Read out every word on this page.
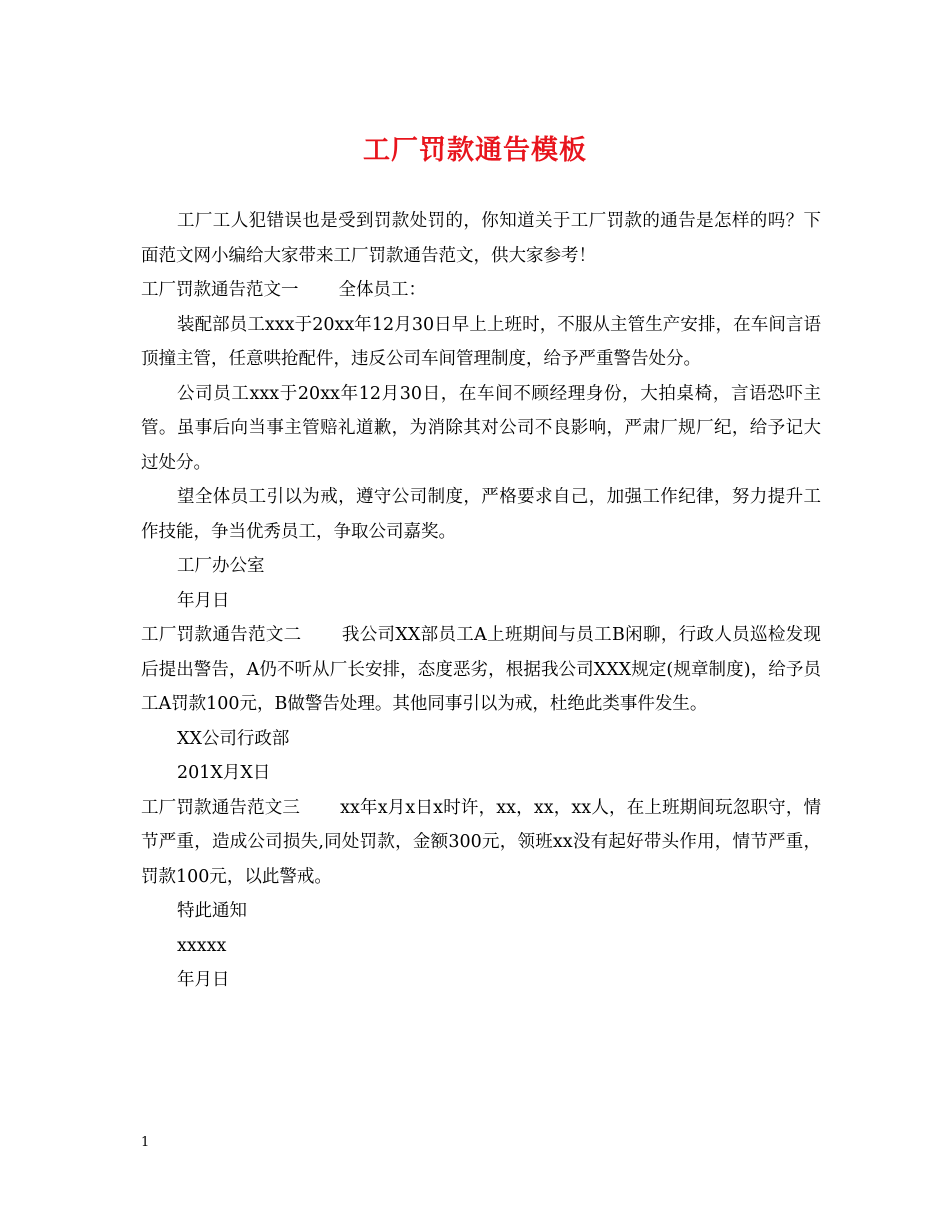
工厂罚款通告模板

工厂工人犯错误也是受到罚款处罚的，你知道关于工厂罚款的通告是怎样的吗？下面范文网小编给大家带来工厂罚款通告范文，供大家参考！

工厂罚款通告范文一 全体员工：

装配部员工xxx于20xx年12月30日早上上班时，不服从主管生产安排，在车间言语顶撞主管，任意哄抢配件，违反公司车间管理制度，给予严重警告处分。

公司员工xxx于20xx年12月30日，在车间不顾经理身份，大拍桌椅，言语恐吓主管。虽事后向当事主管赔礼道歉，为消除其对公司不良影响，严肃厂规厂纪，给予记大过处分。

望全体员工引以为戒，遵守公司制度，严格要求自己，加强工作纪律，努力提升工作技能，争当优秀员工，争取公司嘉奖。

工厂办公室

年月日

工厂罚款通告范文二 我公司XX部员工A上班期间与员工B闲聊，行政人员巡检发现后提出警告，A仍不听从厂长安排，态度恶劣，根据我公司XXX规定(规章制度)，给予员工A罚款100元，B做警告处理。其他同事引以为戒，杜绝此类事件发生。

XX公司行政部

201X月X日

工厂罚款通告范文三 xx年x月x日x时许，xx，xx，xx人，在上班期间玩忽职守，情节严重，造成公司损失,同处罚款，金额300元，领班xx没有起好带头作用，情节严重，罚款100元，以此警戒。

特此通知

xxxxx

年月日

1
